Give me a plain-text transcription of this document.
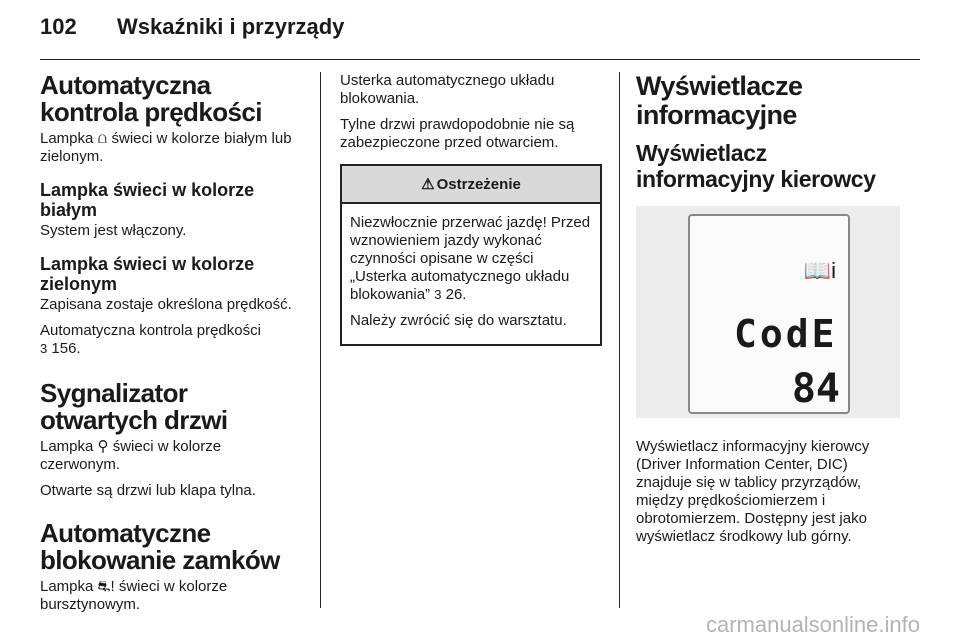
102	Wskaźniki i przyrządy
Automatyczna kontrola prędkości

Lampka ⩍ świeci w kolorze białym lub zielonym.

Lampka świeci w kolorze białym

System jest włączony.

Lampka świeci w kolorze zielonym

Zapisana zostaje określona prędkość.

Automatyczna kontrola prędkości
3 156.

Sygnalizator otwartych drzwi

Lampka ⚲ świeci w kolorze czerwonym.

Otwarte są drzwi lub klapa tylna.

Automatyczne blokowanie zamków

Lampka ⛐! świeci w kolorze bursztynowym.

Usterka automatycznego układu blokowania.

Tylne drzwi prawdopodobnie nie są zabezpieczone przed otwarciem.

⚠ Ostrzeżenie

Niezwłocznie przerwać jazdę! Przed wznowieniem jazdy wykonać czynności opisane w części „Usterka automatycznego układu blokowania” 3 26.

Należy zwrócić się do warsztatu.

Wyświetlacze informacyjne
Wyświetlacz informacyjny kierowcy
📖i
CodE
84

Wyświetlacz informacyjny kierowcy (Driver Information Center, DIC) znajduje się w tablicy przyrządów, między prędkościomierzem i obrotomierzem. Dostępny jest jako wyświetlacz środkowy lub górny.

carmanualsonline.info
